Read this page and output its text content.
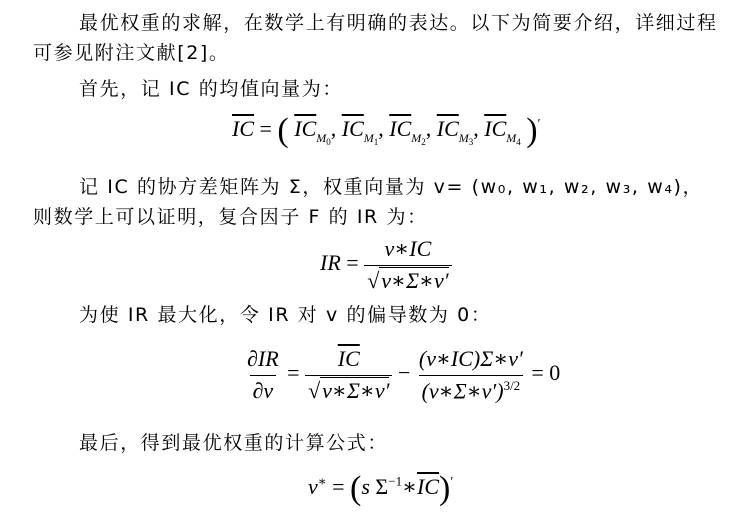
最优权重的求解，在数学上有明确的表达。以下为简要介绍，详细过程可参见附注文献[2]。

首先，记 IC 的均值向量为：

$\overline{IC}$ = ( $\overline{IC}_{M_0}$, $\overline{IC}_{M_1}$, $\overline{IC}_{M_2}$, $\overline{IC}_{M_3}$, $\overline{IC}_{M_4}$ )′

记 IC 的协方差矩阵为 Σ，权重向量为 v= (w₀, w₁, w₂, w₃, w₄)，则数学上可以证明，复合因子 F 的 IR 为：

IR = $\frac{v∗IC}{√v∗\Sigma∗v'}$

为使 IR 最大化，令 IR 对 v 的偏导数为 0：

$\frac{\partial IR}{\partial v} = \frac{\overline{IC}}{√v∗\Sigma∗v'} - \frac{(v∗IC)\Sigma∗v'}{(v∗\Sigma∗v')^{3/2}} = 0$

最后，得到最优权重的计算公式：

v∗ = (s $\Sigma^{-1}∗\overline{IC})'$
